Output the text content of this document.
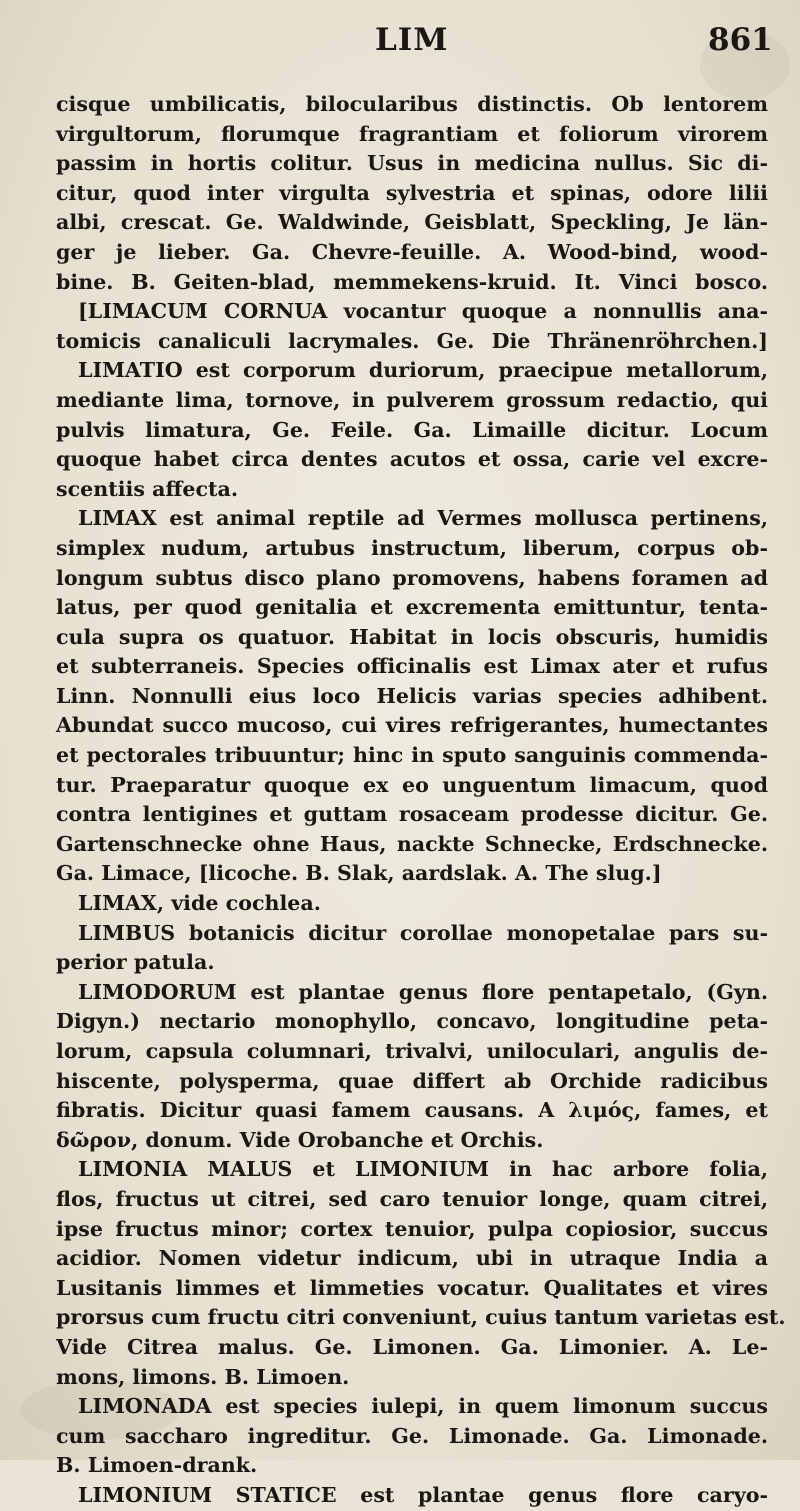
LIM	861
cisque umbilicatis, bilocularibus distinctis. Ob lentorem
virgultorum, florumque fragrantiam et foliorum virorem
passim in hortis colitur. Usus in medicina nullus. Sic di-
citur, quod inter virgulta sylvestria et spinas, odore lilii
albi, crescat. Ge. Waldwinde, Geisblatt, Speckling, Je län-
ger je lieber. Ga. Chevre-feuille. A. Wood-bind, wood-
bine. B. Geiten-blad, memmekens-kruid. It. Vinci bosco.
[LIMACUM CORNUA vocantur quoque a nonnullis ana-
tomicis canaliculi lacrymales. Ge. Die Thränenröhrchen.]
LIMATIO est corporum duriorum, praecipue metallorum,
mediante lima, tornove, in pulverem grossum redactio, qui
pulvis limatura, Ge. Feile. Ga. Limaille dicitur. Locum
quoque habet circa dentes acutos et ossa, carie vel excre-
scentiis affecta.
LIMAX est animal reptile ad Vermes mollusca pertinens,
simplex nudum, artubus instructum, liberum, corpus ob-
longum subtus disco plano promovens, habens foramen ad
latus, per quod genitalia et excrementa emittuntur, tenta-
cula supra os quatuor. Habitat in locis obscuris, humidis
et subterraneis. Species officinalis est Limax ater et rufus
Linn. Nonnulli eius loco Helicis varias species adhibent.
Abundat succo mucoso, cui vires refrigerantes, humectantes
et pectorales tribuuntur; hinc in sputo sanguinis commenda-
tur. Praeparatur quoque ex eo unguentum limacum, quod
contra lentigines et guttam rosaceam prodesse dicitur. Ge.
Gartenschnecke ohne Haus, nackte Schnecke, Erdschnecke.
Ga. Limace, [licoche. B. Slak, aardslak. A. The slug.]
LIMAX, vide cochlea.
LIMBUS botanicis dicitur corollae monopetalae pars su-
perior patula.
LIMODORUM est plantae genus flore pentapetalo, (Gyn.
Digyn.) nectario monophyllo, concavo, longitudine peta-
lorum, capsula columnari, trivalvi, uniloculari, angulis de-
hiscente, polysperma, quae differt ab Orchide radicibus
fibratis. Dicitur quasi famem causans. A λιμός, fames, et
δῶρον, donum. Vide Orobanche et Orchis.
LIMONIA MALUS et LIMONIUM in hac arbore folia,
flos, fructus ut citrei, sed caro tenuior longe, quam citrei,
ipse fructus minor; cortex tenuior, pulpa copiosior, succus
acidior. Nomen videtur indicum, ubi in utraque India a
Lusitanis limmes et limmeties vocatur. Qualitates et vires
prorsus cum fructu citri conveniunt, cuius tantum varietas est.
Vide Citrea malus. Ge. Limonen. Ga. Limonier. A. Le-
mons, limons. B. Limoen.
LIMONADA est species iulepi, in quem limonum succus
cum saccharo ingreditur. Ge. Limonade. Ga. Limonade.
B. Limoen-drank.
LIMONIUM STATICE est plantae genus flore caryo-
